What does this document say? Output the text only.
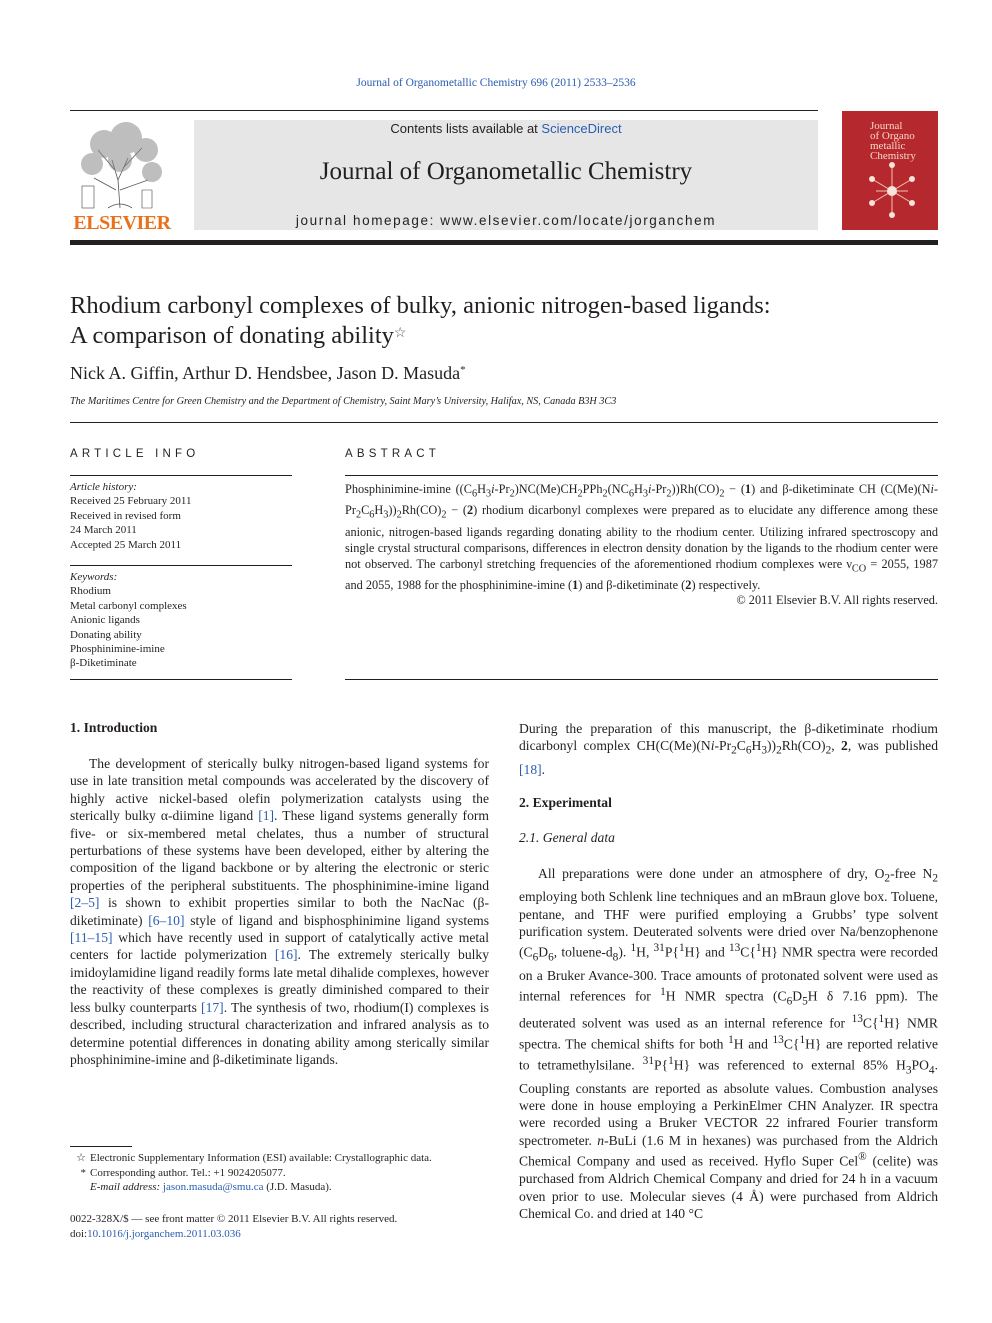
Journal of Organometallic Chemistry 696 (2011) 2533–2536
ELSEVIER
Contents lists available at ScienceDirect
Journal of Organometallic Chemistry
journal homepage: www.elsevier.com/locate/jorganchem
Journal
of Organo
metallic
Chemistry
Rhodium carbonyl complexes of bulky, anionic nitrogen-based ligands:
A comparison of donating ability☆
Nick A. Giffin, Arthur D. Hendsbee, Jason D. Masuda*
The Maritimes Centre for Green Chemistry and the Department of Chemistry, Saint Mary’s University, Halifax, NS, Canada B3H 3C3
ARTICLE INFO
Article history:
Received 25 February 2011
Received in revised form
24 March 2011
Accepted 25 March 2011
Keywords:
Rhodium
Metal carbonyl complexes
Anionic ligands
Donating ability
Phosphinimine-imine
β-Diketiminate
ABSTRACT
Phosphinimine-imine $((C_6H_3i-Pr_2)NC(Me)CH_2PPh_2(NC_6H_3i-Pr_2))Rh(CO)_2 - (1)$ and β-diketiminate CH $(C(Me)(Ni-Pr_2C_6H_3))_2Rh(CO)_2 - (2)$ rhodium dicarbonyl complexes were prepared as to elucidate any difference among these anionic, nitrogen-based ligands regarding donating ability to the rhodium center. Utilizing infrared spectroscopy and single crystal structural comparisons, differences in electron density donation by the ligands to the rhodium center were not observed. The carbonyl stretching frequencies of the aforementioned rhodium complexes were $\nu_{CO} = 2055$, 1987 and 2055, 1988 for the phosphinimine-imine (1) and β-diketiminate (2) respectively.
© 2011 Elsevier B.V. All rights reserved.
1. Introduction

The development of sterically bulky nitrogen-based ligand systems for use in late transition metal compounds was accelerated by the discovery of highly active nickel-based olefin polymerization catalysts using the sterically bulky α-diimine ligand [1]. These ligand systems generally form five- or six-membered metal chelates, thus a number of structural perturbations of these systems have been developed, either by altering the composition of the ligand backbone or by altering the electronic or steric properties of the peripheral substituents. The phosphinimine-imine ligand [2–5] is shown to exhibit properties similar to both the NacNac (β-diketiminate) [6–10] style of ligand and bisphosphinimine ligand systems [11–15] which have recently used in support of catalytically active metal centers for lactide polymerization [16]. The extremely sterically bulky imidoylamidine ligand readily forms late metal dihalide complexes, however the reactivity of these complexes is greatly diminished compared to their less bulky counterparts [17]. The synthesis of two, rhodium(I) complexes is described, including structural characterization and infrared analysis as to determine potential differences in donating ability among sterically similar phosphinimine-imine and β-diketiminate ligands.

☆ Electronic Supplementary Information (ESI) available: Crystallographic data.
* Corresponding author. Tel.: +1 9024205077.
E-mail address: jason.masuda@smu.ca (J.D. Masuda).
0022-328X/$ — see front matter © 2011 Elsevier B.V. All rights reserved.
doi:10.1016/j.jorganchem.2011.03.036

During the preparation of this manuscript, the β-diketiminate rhodium dicarbonyl complex $CH(C(Me)(Ni-Pr_2C_6H_3))_2Rh(CO)_2$, 2, was published [18].

2. Experimental
2.1. General data

All preparations were done under an atmosphere of dry, $O_2$-free $N_2$ employing both Schlenk line techniques and an mBraun glove box. Toluene, pentane, and THF were purified employing a Grubbs’ type solvent purification system. Deuterated solvents were dried over Na/benzophenone ($C_6D_6$, toluene-$d_8$). $^1$H, $^{31}$P{$^1$H} and $^{13}$C{$^1$H} NMR spectra were recorded on a Bruker Avance-300. Trace amounts of protonated solvent were used as internal references for $^1$H NMR spectra ($C_6D_5H$ δ 7.16 ppm). The deuterated solvent was used as an internal reference for $^{13}$C{$^1$H} NMR spectra. The chemical shifts for both $^1$H and $^{13}$C{$^1$H} are reported relative to tetramethylsilane. $^{31}$P{$^1$H} was referenced to external 85% $H_3PO_4$. Coupling constants are reported as absolute values. Combustion analyses were done in house employing a PerkinElmer CHN Analyzer. IR spectra were recorded using a Bruker VECTOR 22 infrared Fourier transform spectrometer. n-BuLi (1.6 M in hexanes) was purchased from the Aldrich Chemical Company and used as received. Hyflo Super Cel® (celite) was purchased from Aldrich Chemical Company and dried for 24 h in a vacuum oven prior to use. Molecular sieves (4 Å) were purchased from Aldrich Chemical Co. and dried at 140 °C
